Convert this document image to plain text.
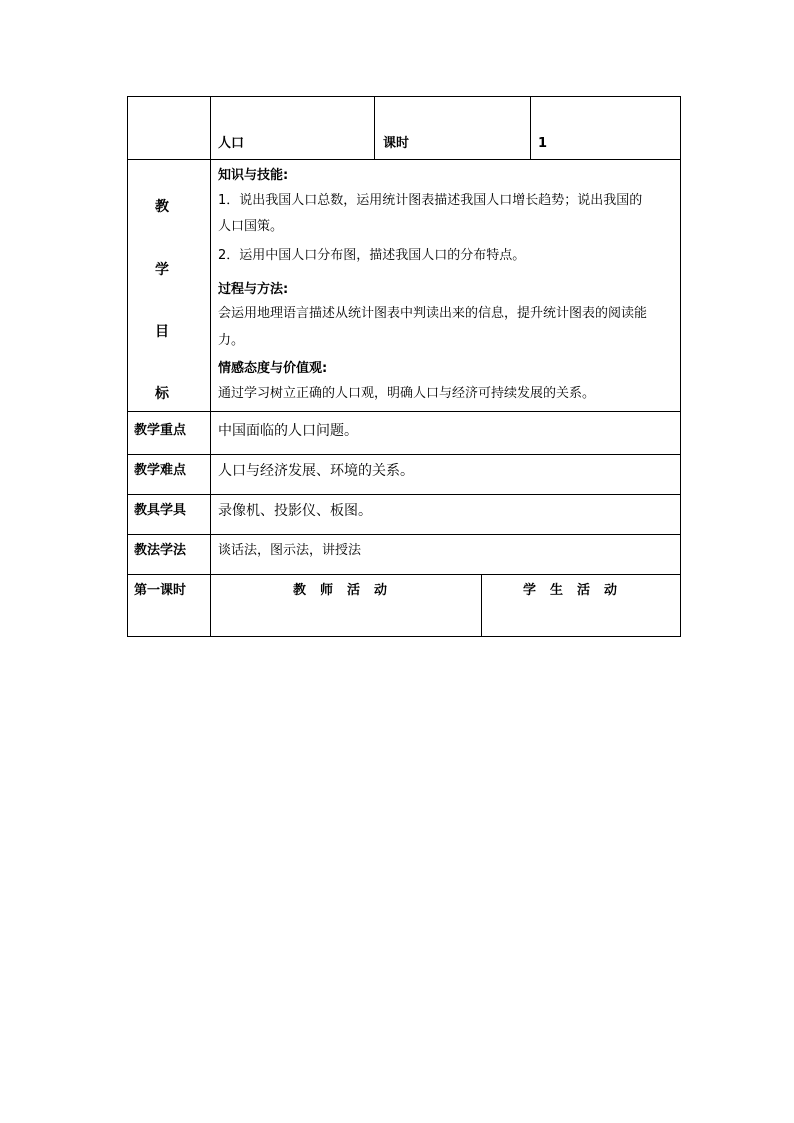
人口	课时	1
教
学
目
标
知识与技能:
1．说出我国人口总数，运用统计图表描述我国人口增长趋势；说出我国的
人口国策。
2．运用中国人口分布图，描述我国人口的分布特点。
过程与方法:
会运用地理语言描述从统计图表中判读出来的信息，提升统计图表的阅读能
力。
情感态度与价值观:
通过学习树立正确的人口观，明确人口与经济可持续发展的关系。
教学重点 中国面临的人口问题。
教学难点 人口与经济发展、环境的关系。
教具学具 录像机、投影仪、板图。
教法学法 谈话法，图示法，讲授法
第一课时	教师活动	学生活动
